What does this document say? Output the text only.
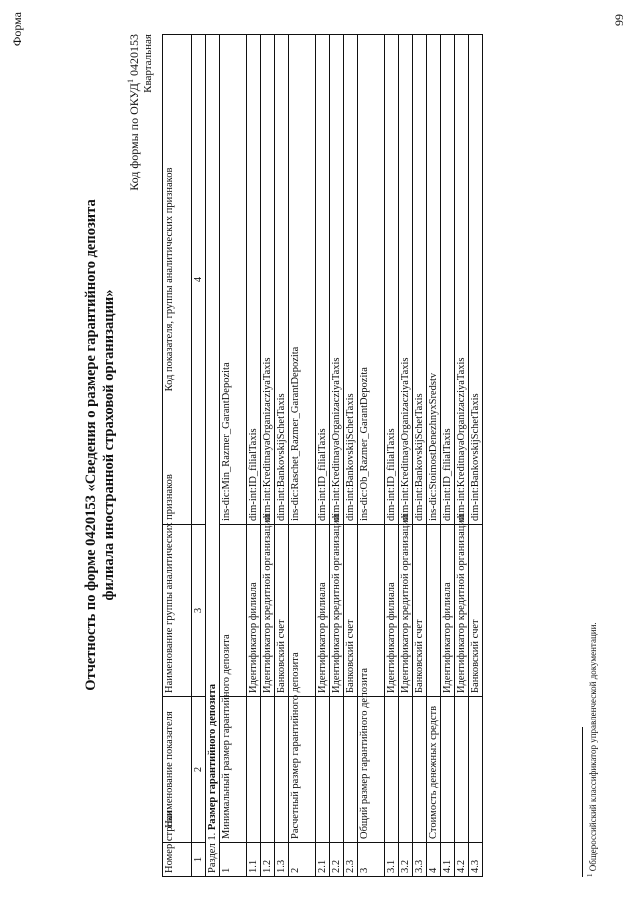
Форма
Отчетность по форме 0420153 «Сведения о размере гарантийного депозита филиала иностранной страховой организации»
Код формы по ОКУД$^1$ 0420153 Квартальная
Номер строки	Наименование показателя	Наименование группы аналитических признаков	Код показателя, группы аналитических признаков
1	2	3	4
Раздел 1. Размер гарантийного депозита			
1	Минимальный размер гарантийного депозита		ins-dic:Min_Razmer_GarantDepozita
1.1		Идентификатор филиала	dim-int:ID_filialTaxis
1.2		Идентификатор кредитной организации	dim-int:KreditnayaOrganizacziyaTaxis
1.3		Банковский счет	dim-int:BankovskijSchetTaxis
2	Расчетный размер гарантийного депозита		ins-dic:Raschet_Razmer_GarantDepozita
2.1		Идентификатор филиала	dim-int:ID_filialTaxis
2.2		Идентификатор кредитной организации	dim-int:KreditnayaOrganizacziyaTaxis
2.3		Банковский счет	dim-int:BankovskijSchetTaxis
3	Общий размер гарантийного депозита		ins-dic:Ob_Razmer_GarantDepozita
3.1		Идентификатор филиала	dim-int:ID_filialTaxis
3.2		Идентификатор кредитной организации	dim-int:KreditnayaOrganizacziyaTaxis
3.3		Банковский счет	dim-int:BankovskijSchetTaxis
4	Стоимость денежных средств		ins-dic:StoimostDenezhnyxSredstv
4.1		Идентификатор филиала	dim-int:ID_filialTaxis
4.2		Идентификатор кредитной организации	dim-int:KreditnayaOrganizacziyaTaxis
4.3		Банковский счет	dim-int:BankovskijSchetTaxis
$^1$ Общероссийский классификатор управленческой документации.
99
